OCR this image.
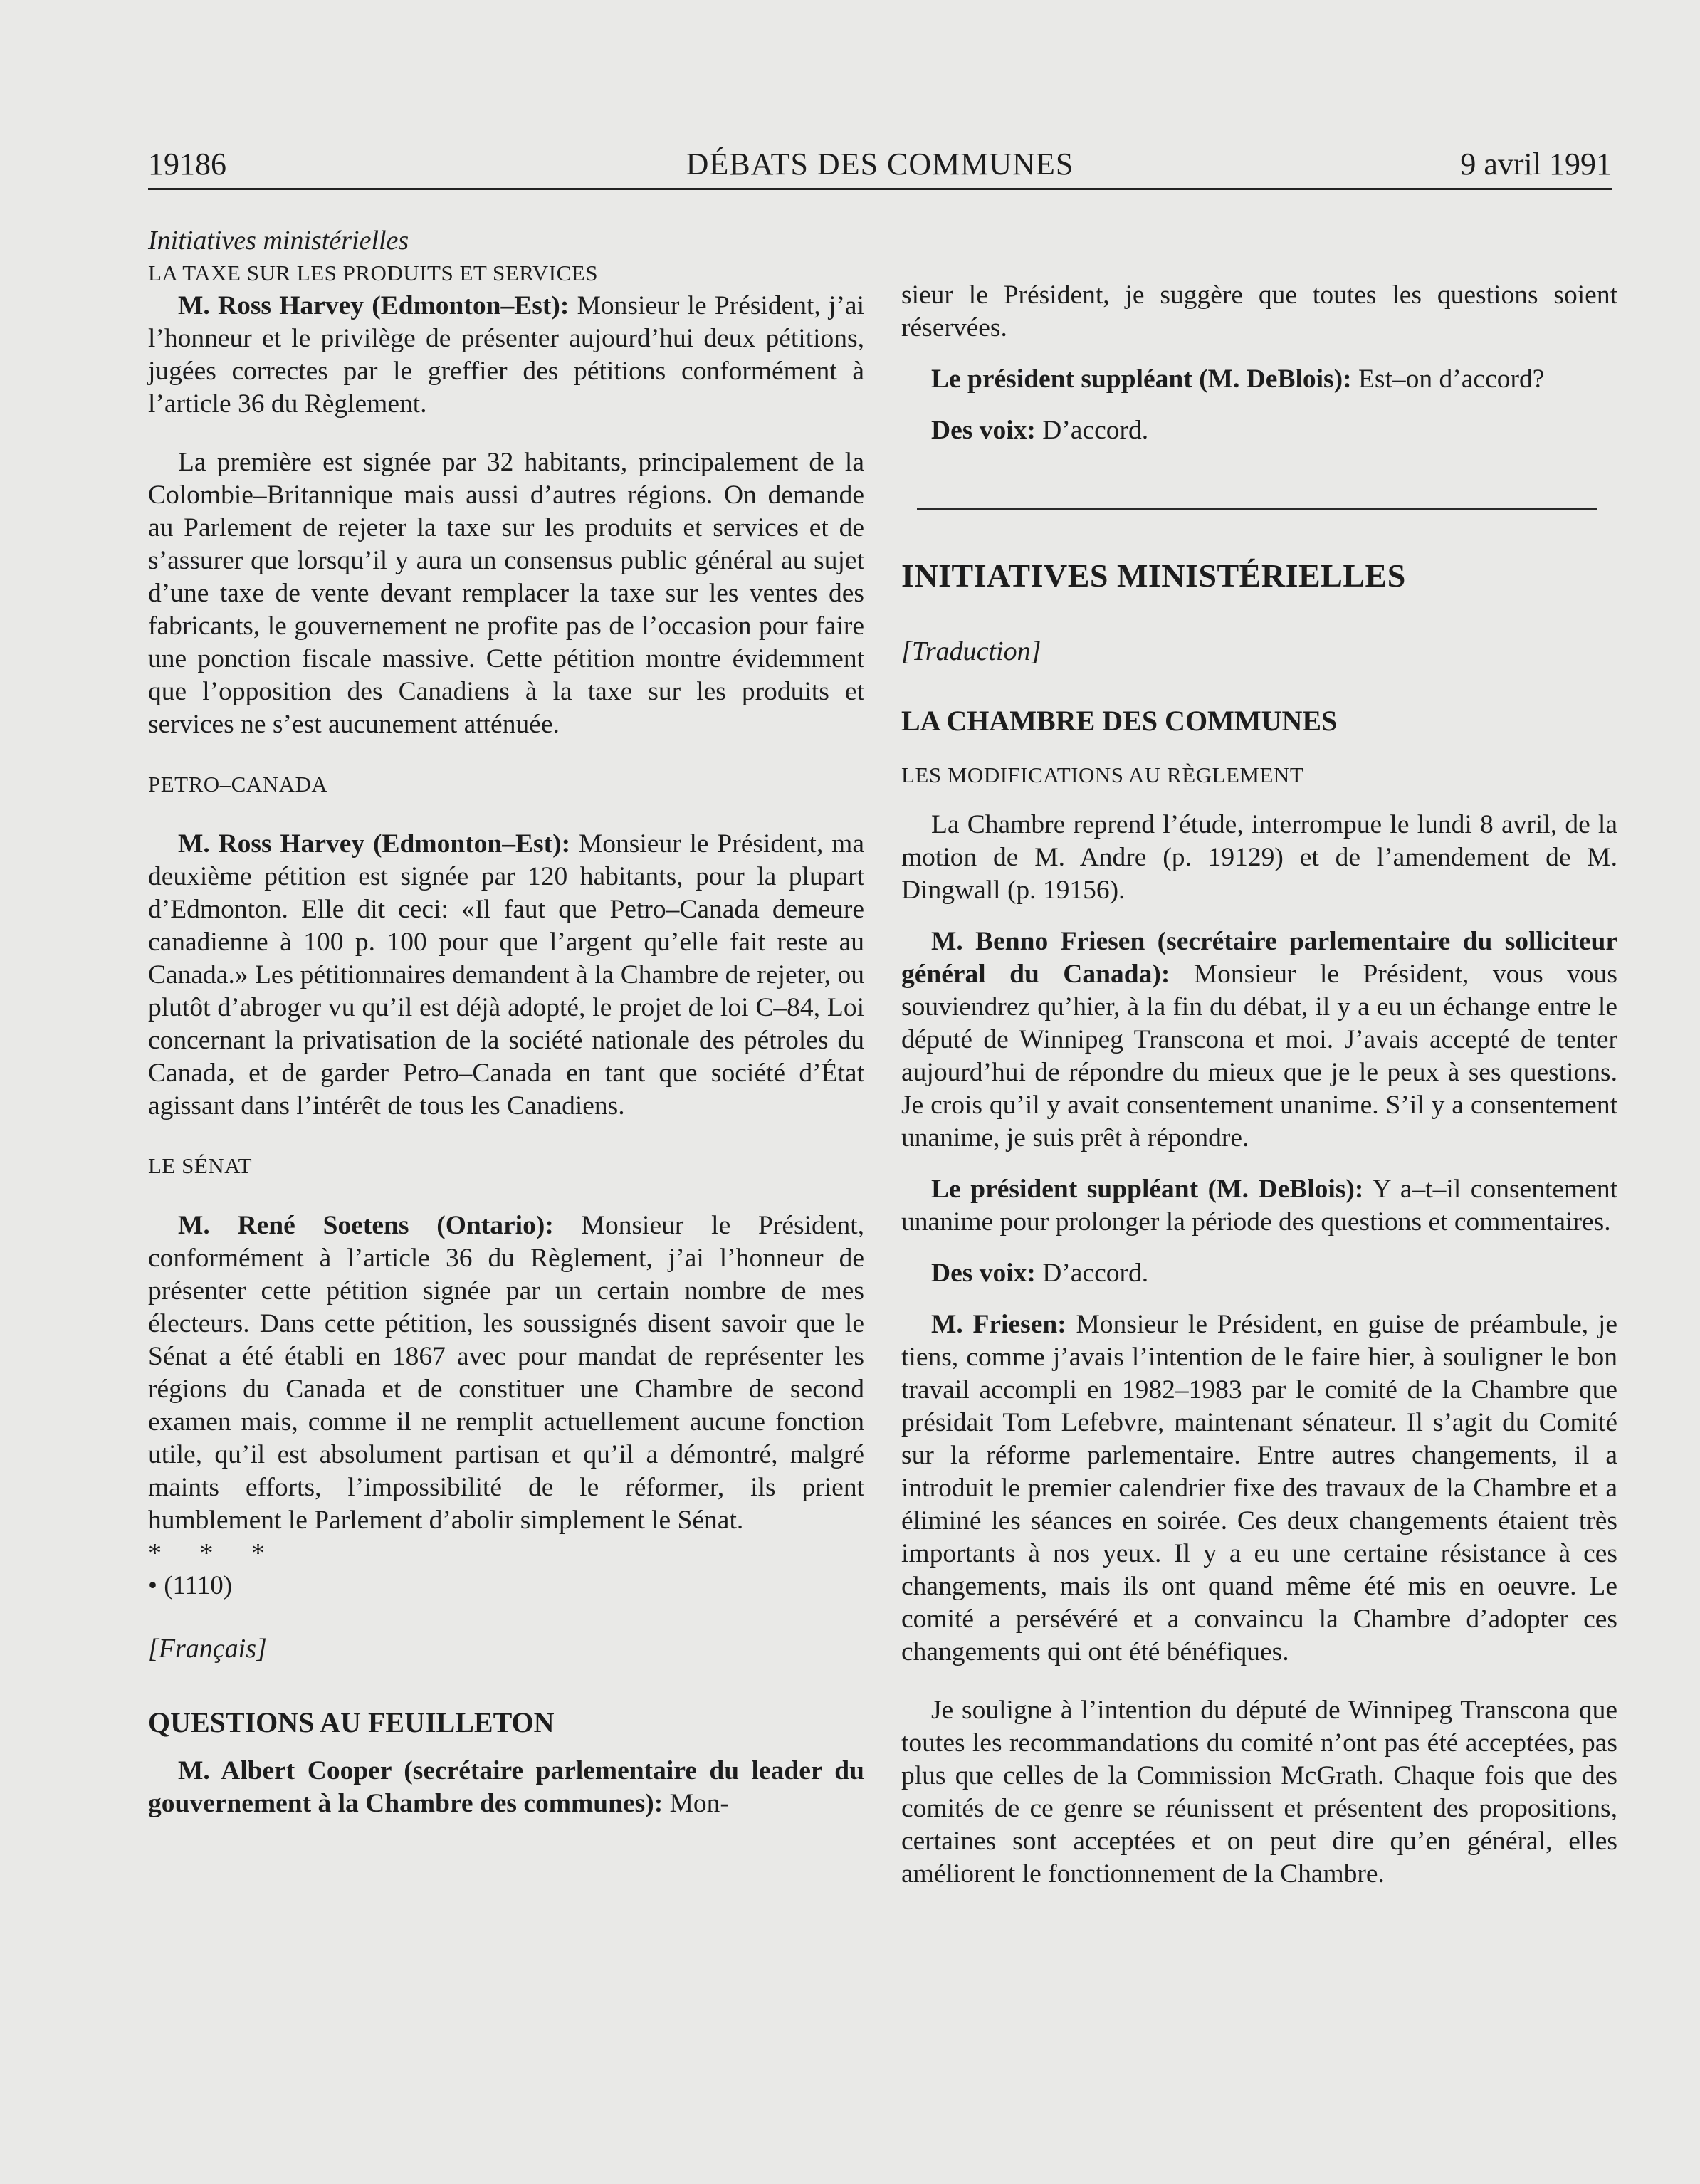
19186	DÉBATS DES COMMUNES	9 avril 1991

Initiatives ministérielles

LA TAXE SUR LES PRODUITS ET SERVICES

M. Ross Harvey (Edmonton–Est): Monsieur le Président, j’ai l’honneur et le privilège de présenter aujourd’hui deux pétitions, jugées correctes par le greffier des pétitions conformément à l’article 36 du Règlement.

La première est signée par 32 habitants, principalement de la Colombie–Britannique mais aussi d’autres régions. On demande au Parlement de rejeter la taxe sur les produits et services et de s’assurer que lorsqu’il y aura un consensus public général au sujet d’une taxe de vente devant remplacer la taxe sur les ventes des fabricants, le gouvernement ne profite pas de l’occasion pour faire une ponction fiscale massive. Cette pétition montre évidemment que l’opposition des Canadiens à la taxe sur les produits et services ne s’est aucunement atténuée.

PETRO–CANADA

M. Ross Harvey (Edmonton–Est): Monsieur le Président, ma deuxième pétition est signée par 120 habitants, pour la plupart d’Edmonton. Elle dit ceci: «Il faut que Petro–Canada demeure canadienne à 100 p. 100 pour que l’argent qu’elle fait reste au Canada.» Les pétitionnaires demandent à la Chambre de rejeter, ou plutôt d’abroger vu qu’il est déjà adopté, le projet de loi C–84, Loi concernant la privatisation de la société nationale des pétroles du Canada, et de garder Petro–Canada en tant que société d’État agissant dans l’intérêt de tous les Canadiens.

LE SÉNAT

M. René Soetens (Ontario): Monsieur le Président, conformément à l’article 36 du Règlement, j’ai l’honneur de présenter cette pétition signée par un certain nombre de mes électeurs. Dans cette pétition, les soussignés disent savoir que le Sénat a été établi en 1867 avec pour mandat de représenter les régions du Canada et de constituer une Chambre de second examen mais, comme il ne remplit actuellement aucune fonction utile, qu’il est absolument partisan et qu’il a démontré, malgré maints efforts, l’impossibilité de le réformer, ils prient humblement le Parlement d’abolir simplement le Sénat.

* * *

• (1110)

[Français]

QUESTIONS AU FEUILLETON

M. Albert Cooper (secrétaire parlementaire du leader du gouvernement à la Chambre des communes): Mon-

sieur le Président, je suggère que toutes les questions soient réservées.

Le président suppléant (M. DeBlois): Est–on d’accord?

Des voix: D’accord.

INITIATIVES MINISTÉRIELLES

[Traduction]

LA CHAMBRE DES COMMUNES

LES MODIFICATIONS AU RÈGLEMENT

La Chambre reprend l’étude, interrompue le lundi 8 avril, de la motion de M. Andre (p. 19129) et de l’amendement de M. Dingwall (p. 19156).

M. Benno Friesen (secrétaire parlementaire du solliciteur général du Canada): Monsieur le Président, vous vous souviendrez qu’hier, à la fin du débat, il y a eu un échange entre le député de Winnipeg Transcona et moi. J’avais accepté de tenter aujourd’hui de répondre du mieux que je le peux à ses questions. Je crois qu’il y avait consentement unanime. S’il y a consentement unanime, je suis prêt à répondre.

Le président suppléant (M. DeBlois): Y a–t–il consentement unanime pour prolonger la période des questions et commentaires.

Des voix: D’accord.

M. Friesen: Monsieur le Président, en guise de préambule, je tiens, comme j’avais l’intention de le faire hier, à souligner le bon travail accompli en 1982–1983 par le comité de la Chambre que présidait Tom Lefebvre, maintenant sénateur. Il s’agit du Comité sur la réforme parlementaire. Entre autres changements, il a introduit le premier calendrier fixe des travaux de la Chambre et a éliminé les séances en soirée. Ces deux changements étaient très importants à nos yeux. Il y a eu une certaine résistance à ces changements, mais ils ont quand même été mis en oeuvre. Le comité a persévéré et a convaincu la Chambre d’adopter ces changements qui ont été bénéfiques.

Je souligne à l’intention du député de Winnipeg Transcona que toutes les recommandations du comité n’ont pas été acceptées, pas plus que celles de la Commission McGrath. Chaque fois que des comités de ce genre se réunissent et présentent des propositions, certaines sont acceptées et on peut dire qu’en général, elles améliorent le fonctionnement de la Chambre.
